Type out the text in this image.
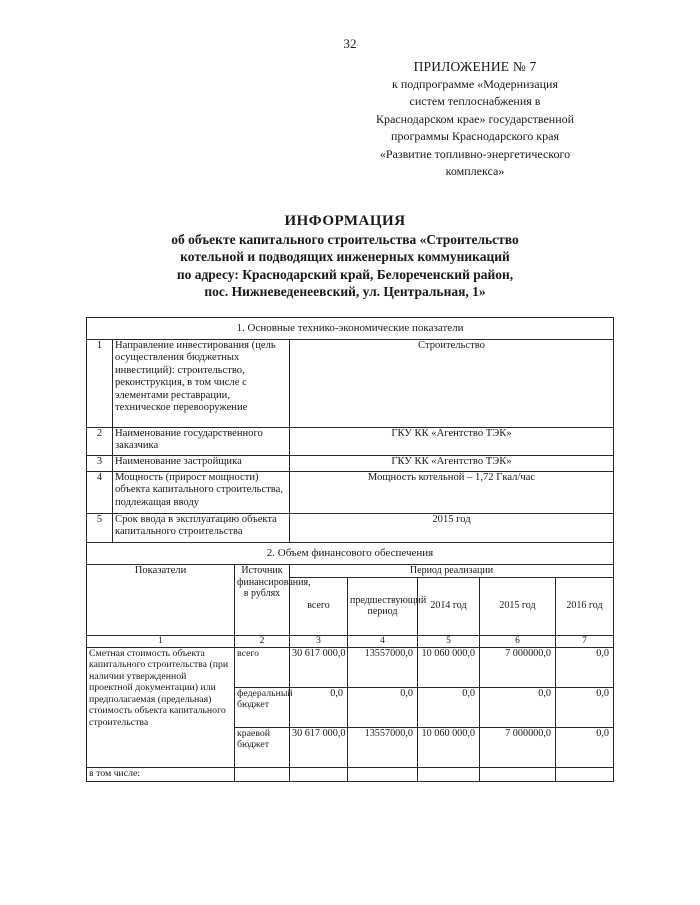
32
ПРИЛОЖЕНИЕ № 7
к подпрограмме «Модернизация
систем теплоснабжения в
Краснодарском крае» государственной
программы Краснодарского края
«Развитие топливно-энергетического
комплекса»
ИНФОРМАЦИЯ
об объекте капитального строительства «Строительство
котельной и подводящих инженерных коммуникаций
по адресу: Краснодарский край, Белореченский район,
пос. Нижневеденеевский, ул. Центральная, 1»
1. Основные технико-экономические показатели							
1	Направление инвестирования (цель осуществления бюджетных инвестиций): строительство, реконструкция, в том числе с элементами реставрации, техническое перевооружение		Строительство				
2	Наименование государственного заказчика		ГКУ КК «Агентство ТЭК»				
3	Наименование застройщика		ГКУ КК «Агентство ТЭК»				
4	Мощность (прирост мощности) объекта капитального строительства, подлежащая вводу		Мощность котельной – 1,72 Гкал/час				
5	Срок ввода в эксплуатацию объекта капитального строительства		2015 год				
2. Объем финансового обеспечения							
Показатели		Источник финансирования, в рублях	Период реализации				
			всего	предшествующий период	2014 год	2015 год	2016 год
1		2	3	4	5	6	7
Сметная стоимость объекта капитального строительства (при наличии утвержденной проектной документации) или предполагаемая (предельная) стоимость объекта капитального строительства		всего	30 617 000,0	13557000,0	10 060 000,0	7 000000,0	0,0
		федеральный бюджет	0,0	0,0	0,0	0,0	0,0
		краевой бюджет	30 617 000,0	13557000,0	10 060 000,0	7 000000,0	0,0
в том числе:							
